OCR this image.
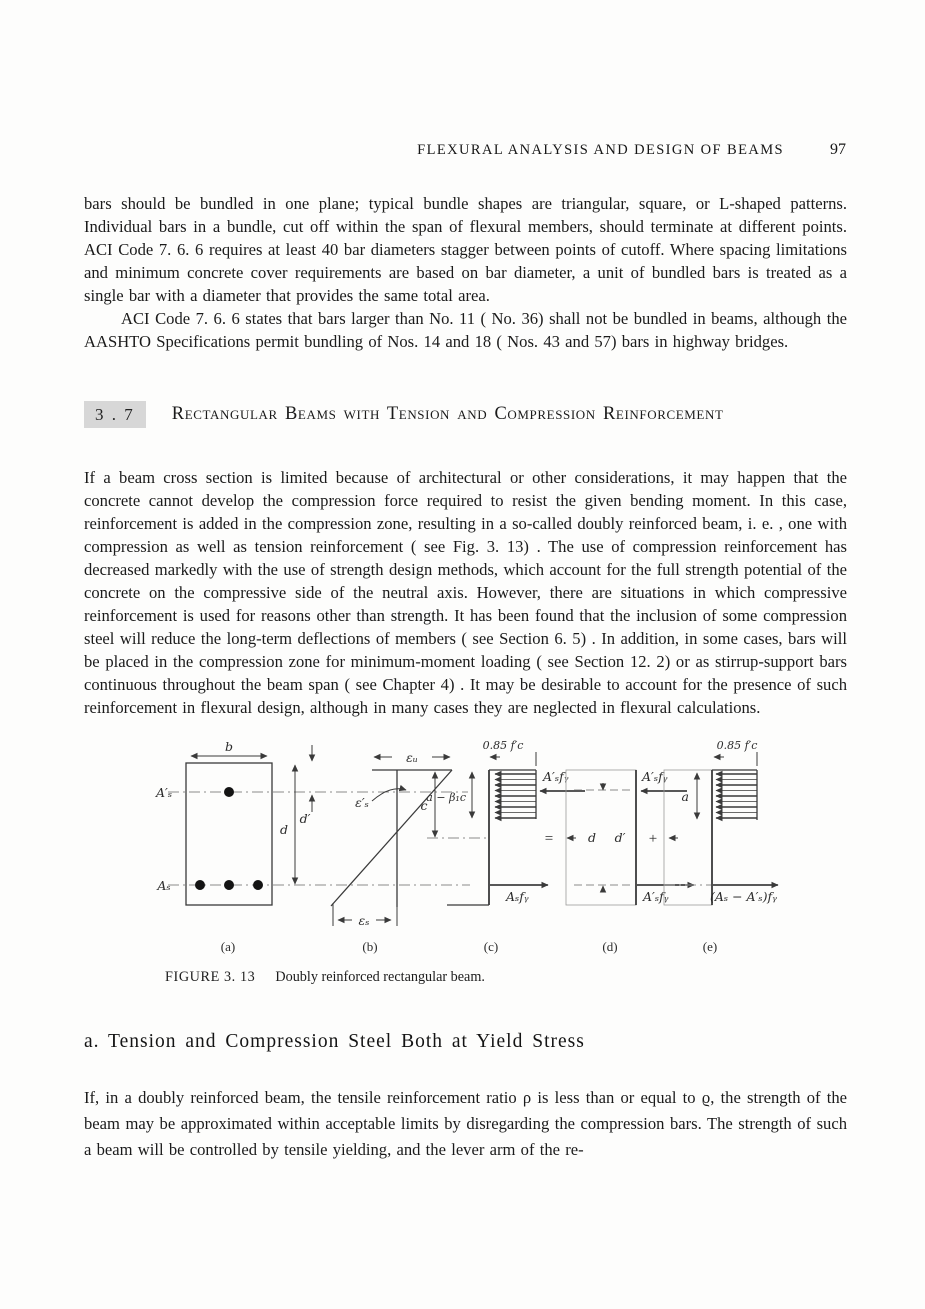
FLEXURAL ANALYSIS AND DESIGN OF BEAMS	97

bars should be bundled in one plane; typical bundle shapes are triangular, square, or L-shaped patterns. Individual bars in a bundle, cut off within the span of flexural members, should terminate at different points. ACI Code 7. 6. 6 requires at least 40 bar diameters stagger between points of cutoff. Where spacing limitations and minimum concrete cover requirements are based on bar diameter, a unit of bundled bars is treated as a single bar with a diameter that provides the same total area.

ACI Code 7. 6. 6 states that bars larger than No. 11 ( No. 36) shall not be bundled in beams, although the AASHTO Specifications permit bundling of Nos. 14 and 18 ( Nos. 43 and 57) bars in highway bridges.

3 . 7	Rectangular Beams with Tension and Compression Reinforcement

If a beam cross section is limited because of architectural or other considerations, it may happen that the concrete cannot develop the compression force required to resist the given bending moment. In this case, reinforcement is added in the compression zone, resulting in a so-called doubly reinforced beam, i. e. , one with compression as well as tension reinforcement ( see Fig. 3. 13) . The use of compression reinforcement has decreased markedly with the use of strength design methods, which account for the full strength potential of the concrete on the compressive side of the neutral axis. However, there are situations in which compressive reinforcement is used for reasons other than strength. It has been found that the inclusion of some compression steel will reduce the long-term deflections of members ( see Section 6. 5) . In addition, in some cases, bars will be placed in the compression zone for minimum-moment loading ( see Section 12. 2) or as stirrup-support bars continuous throughout the beam span ( see Chapter 4) . It may be desirable to account for the presence of such reinforcement in flexural design, although in many cases they are neglected in flexural calculations.

b
A′ₛ
Aₛ
d
d′
εᵤ
ε′ₛ
εₛ
0.85 f′c
a − β₁c
c
A′ₛfᵧ
Aₛfᵧ
=	d d′
A′ₛfᵧ
A′ₛfᵧ
+
0.85 f′c
a
(Aₛ − A′ₛ)fᵧ
(a)	(b)	(c)	(d)	(e)
FIGURE 3. 13 Doubly reinforced rectangular beam.
a. Tension and Compression Steel Both at Yield Stress

If, in a doubly reinforced beam, the tensile reinforcement ratio ρ is less than or equal to ϱ, the strength of the beam may be approximated within acceptable limits by disregarding the compression bars. The strength of such a beam will be controlled by tensile yielding, and the lever arm of the re-
